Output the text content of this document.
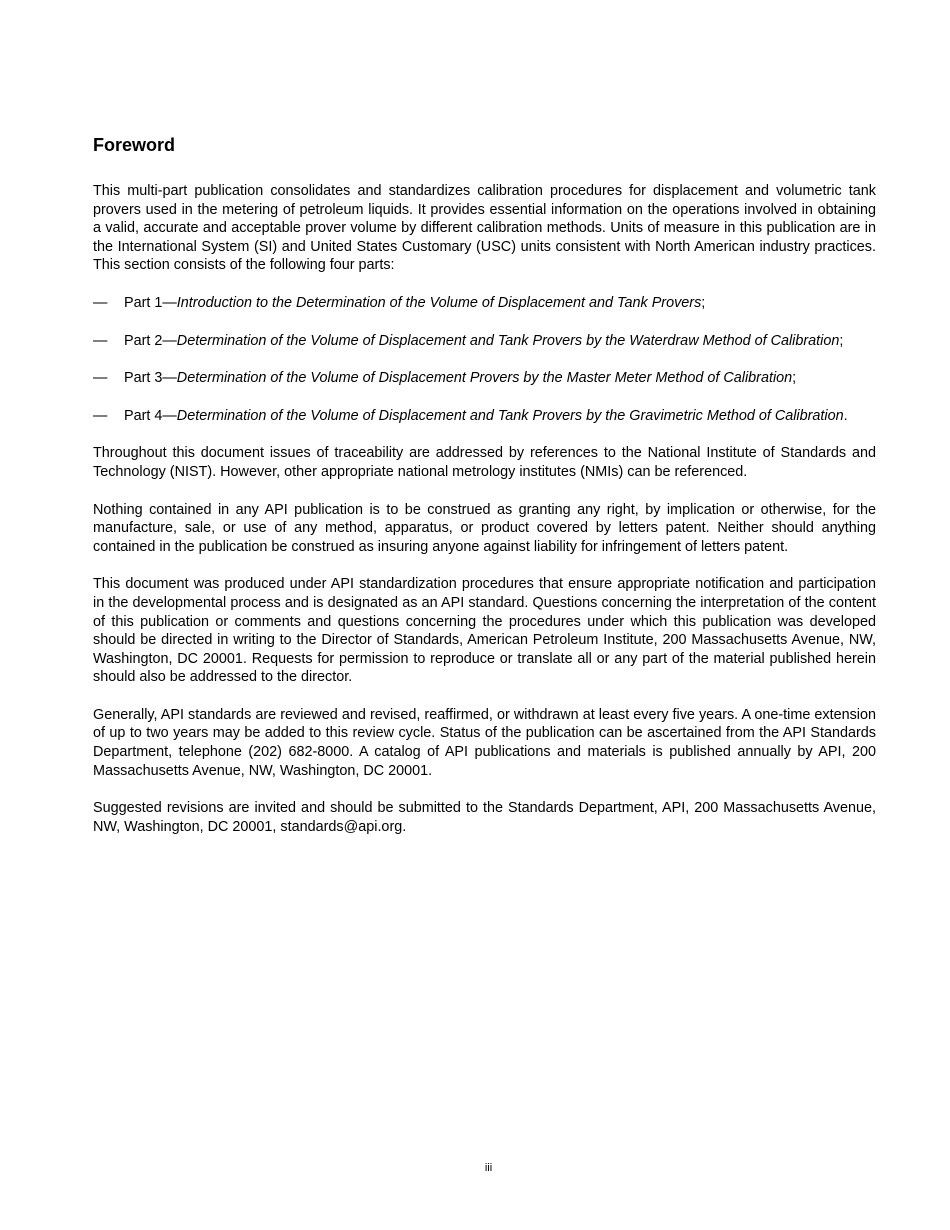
Foreword

This multi-part publication consolidates and standardizes calibration procedures for displacement and volumetric tank provers used in the metering of petroleum liquids. It provides essential information on the operations involved in obtaining a valid, accurate and acceptable prover volume by different calibration methods. Units of measure in this publication are in the International System (SI) and United States Customary (USC) units consistent with North American industry practices. This section consists of the following four parts:

— Part 1—Introduction to the Determination of the Volume of Displacement and Tank Provers;
— Part 2—Determination of the Volume of Displacement and Tank Provers by the Waterdraw Method of Calibration;
— Part 3—Determination of the Volume of Displacement Provers by the Master Meter Method of Calibration;
— Part 4—Determination of the Volume of Displacement and Tank Provers by the Gravimetric Method of Calibration.

Throughout this document issues of traceability are addressed by references to the National Institute of Standards and Technology (NIST). However, other appropriate national metrology institutes (NMIs) can be referenced.

Nothing contained in any API publication is to be construed as granting any right, by implication or otherwise, for the manufacture, sale, or use of any method, apparatus, or product covered by letters patent. Neither should anything contained in the publication be construed as insuring anyone against liability for infringement of letters patent.

This document was produced under API standardization procedures that ensure appropriate notification and participation in the developmental process and is designated as an API standard. Questions concerning the interpretation of the content of this publication or comments and questions concerning the procedures under which this publication was developed should be directed in writing to the Director of Standards, American Petroleum Institute, 200 Massachusetts Avenue, NW, Washington, DC 20001. Requests for permission to reproduce or translate all or any part of the material published herein should also be addressed to the director.

Generally, API standards are reviewed and revised, reaffirmed, or withdrawn at least every five years. A one-time extension of up to two years may be added to this review cycle. Status of the publication can be ascertained from the API Standards Department, telephone (202) 682-8000. A catalog of API publications and materials is published annually by API, 200 Massachusetts Avenue, NW, Washington, DC 20001.

Suggested revisions are invited and should be submitted to the Standards Department, API, 200 Massachusetts Avenue, NW, Washington, DC 20001, standards@api.org.

iii
